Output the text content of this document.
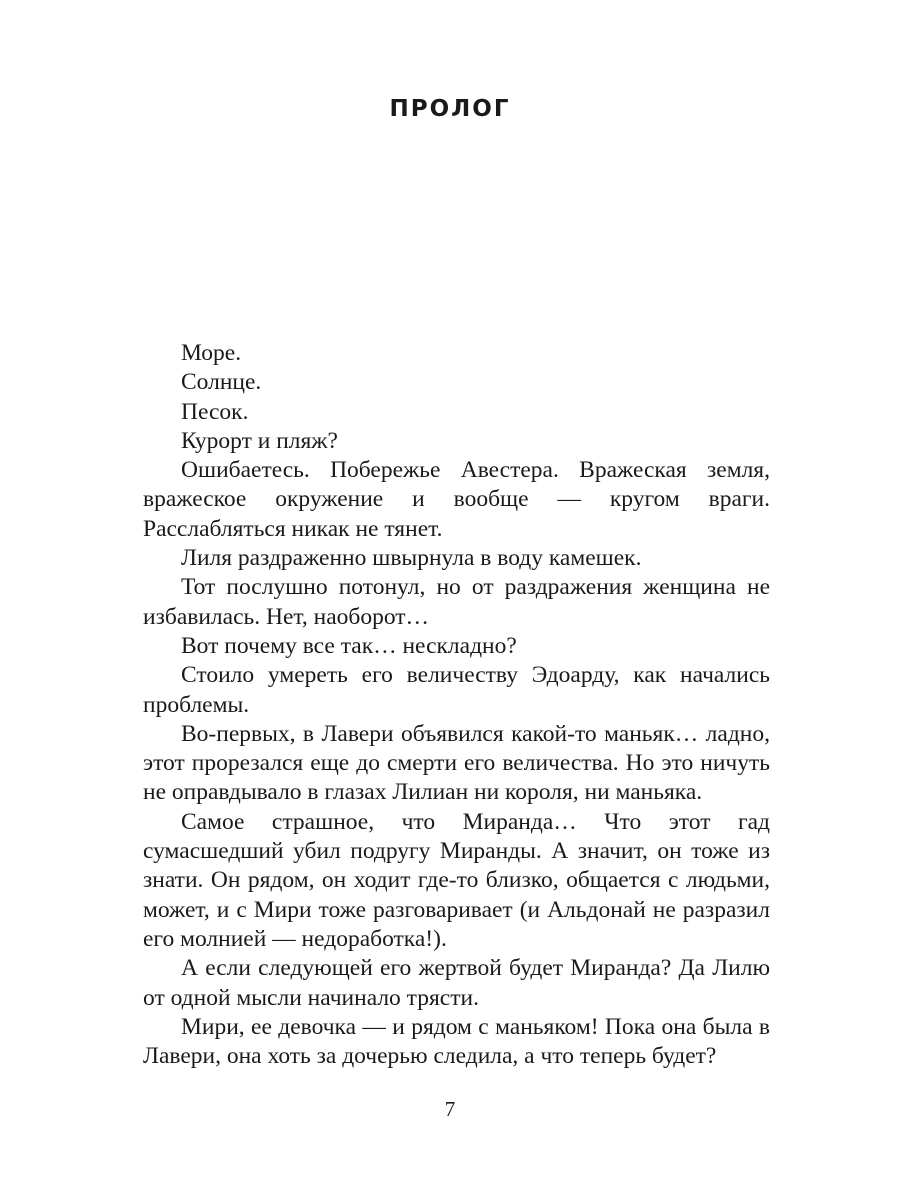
ПРОЛОГ

Море.

Солнце.

Песок.

Курорт и пляж?

Ошибаетесь. Побережье Авестера. Вражеская земля, вражеское окружение и вообще — кругом враги. Расслабляться никак не тянет.

Лиля раздраженно швырнула в воду камешек.

Тот послушно потонул, но от раздражения женщина не избавилась. Нет, наоборот…

Вот почему все так… нескладно?

Стоило умереть его величеству Эдоарду, как начались проблемы.

Во-первых, в Лавери объявился какой-то маньяк… ладно, этот прорезался еще до смерти его величества. Но это ничуть не оправдывало в глазах Лилиан ни короля, ни маньяка.

Самое страшное, что Миранда… Что этот гад сумасшедший убил подругу Миранды. А значит, он тоже из знати. Он рядом, он ходит где-то близко, общается с людьми, может, и с Мири тоже разговаривает (и Альдонай не разразил его молнией — недоработка!).

А если следующей его жертвой будет Миранда? Да Лилю от одной мысли начинало трясти.

Мири, ее девочка — и рядом с маньяком! Пока она была в Лавери, она хоть за дочерью следила, а что теперь будет?

7
